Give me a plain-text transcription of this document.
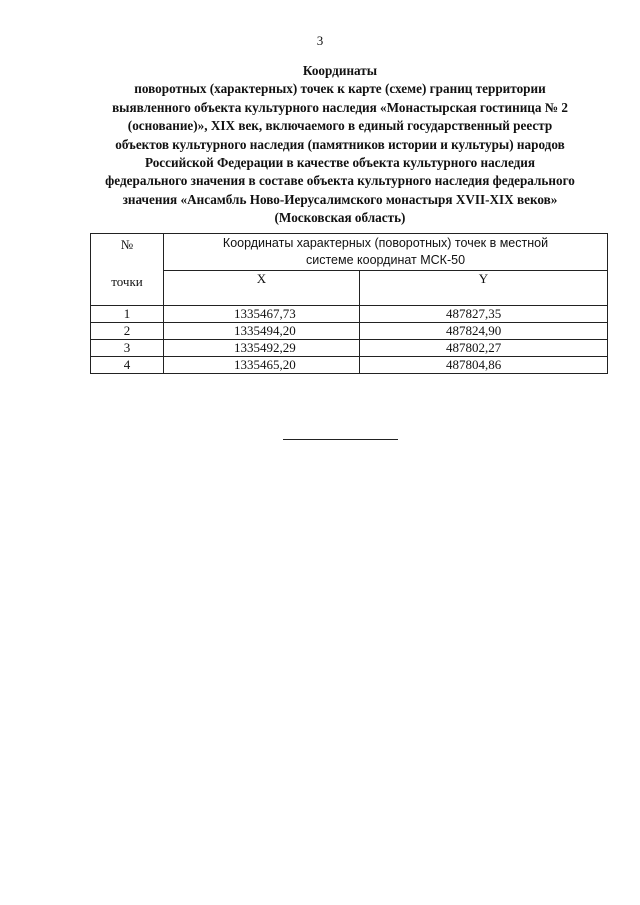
3
Координаты
поворотных (характерных) точек к карте (схеме) границ территории
выявленного объекта культурного наследия «Монастырская гостиница № 2
(основание)», XIX век, включаемого в единый государственный реестр
объектов культурного наследия (памятников истории и культуры) народов
Российской Федерации в качестве объекта культурного наследия
федерального значения в составе объекта культурного наследия федерального
значения «Ансамбль Ново-Иерусалимского монастыря XVII-XIX веков»
(Московская область)
№
точки	Координаты характерных (поворотных) точек в местной
системе координат МСК-50	
	X	Y
1	1335467,73	487827,35
2	1335494,20	487824,90
3	1335492,29	487802,27
4	1335465,20	487804,86
